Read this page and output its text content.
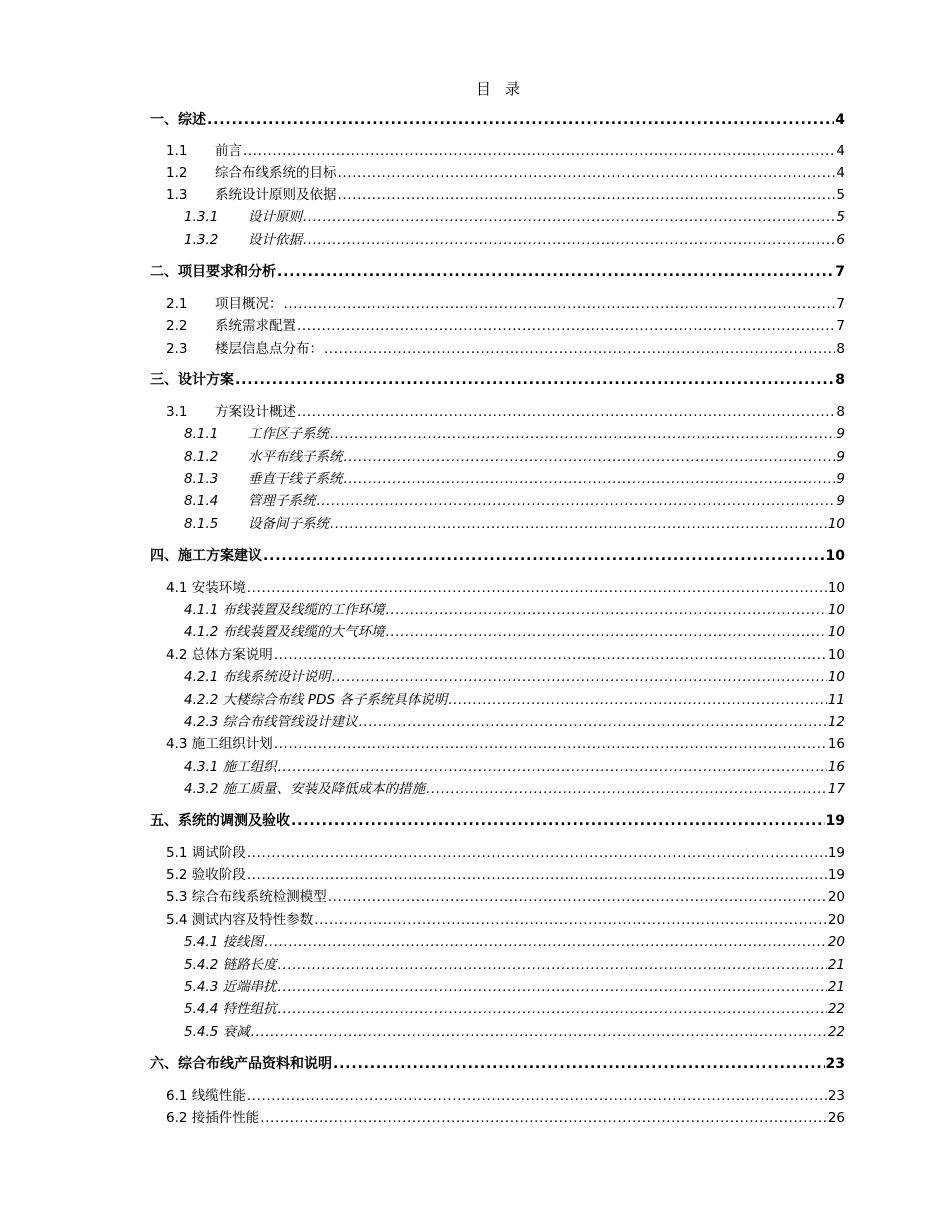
目 录
一、综述 .....	4
1.1	前言 .....	4
1.2	综合布线系统的目标 .....	4
1.3	系统设计原则及依据 .....	5
1.3.1	设计原则 .....	5
1.3.2	设计依据 .....	6
二、项目要求和分析 .....	7
2.1	项目概况： .....	7
2.2	系统需求配置 .....	7
2.3	楼层信息点分布： .....	8
三、设计方案 .....	8
3.1	方案设计概述 .....	8
8.1.1	工作区子系统 .....	9
8.1.2	水平布线子系统 .....	9
8.1.3	垂直干线子系统 .....	9
8.1.4	管理子系统 .....	9
8.1.5	设备间子系统 .....	10
四、施工方案建议 .....	10
4.1 安装环境 .....	10
4.1.1 布线装置及线缆的工作环境 .....	10
4.1.2 布线装置及线缆的大气环境 .....	10
4.2 总体方案说明 .....	10
4.2.1 布线系统设计说明 .....	10
4.2.2 大楼综合布线 PDS 各子系统具体说明 .....	11
4.2.3 综合布线管线设计建议 .....	12
4.3 施工组织计划 .....	16
4.3.1 施工组织 .....	16
4.3.2 施工质量、安装及降低成本的措施 .....	17
五、系统的调测及验收 .....	19
5.1 调试阶段 .....	19
5.2 验收阶段 .....	19
5.3 综合布线系统检测模型 .....	20
5.4 测试内容及特性参数 .....	20
5.4.1 接线图 .....	20
5.4.2 链路长度 .....	21
5.4.3 近端串扰 .....	21
5.4.4 特性组抗 .....	22
5.4.5 衰减 .....	22
六、综合布线产品资料和说明 .....	23
6.1 线缆性能 .....	23
6.2 接插件性能 .....	26
